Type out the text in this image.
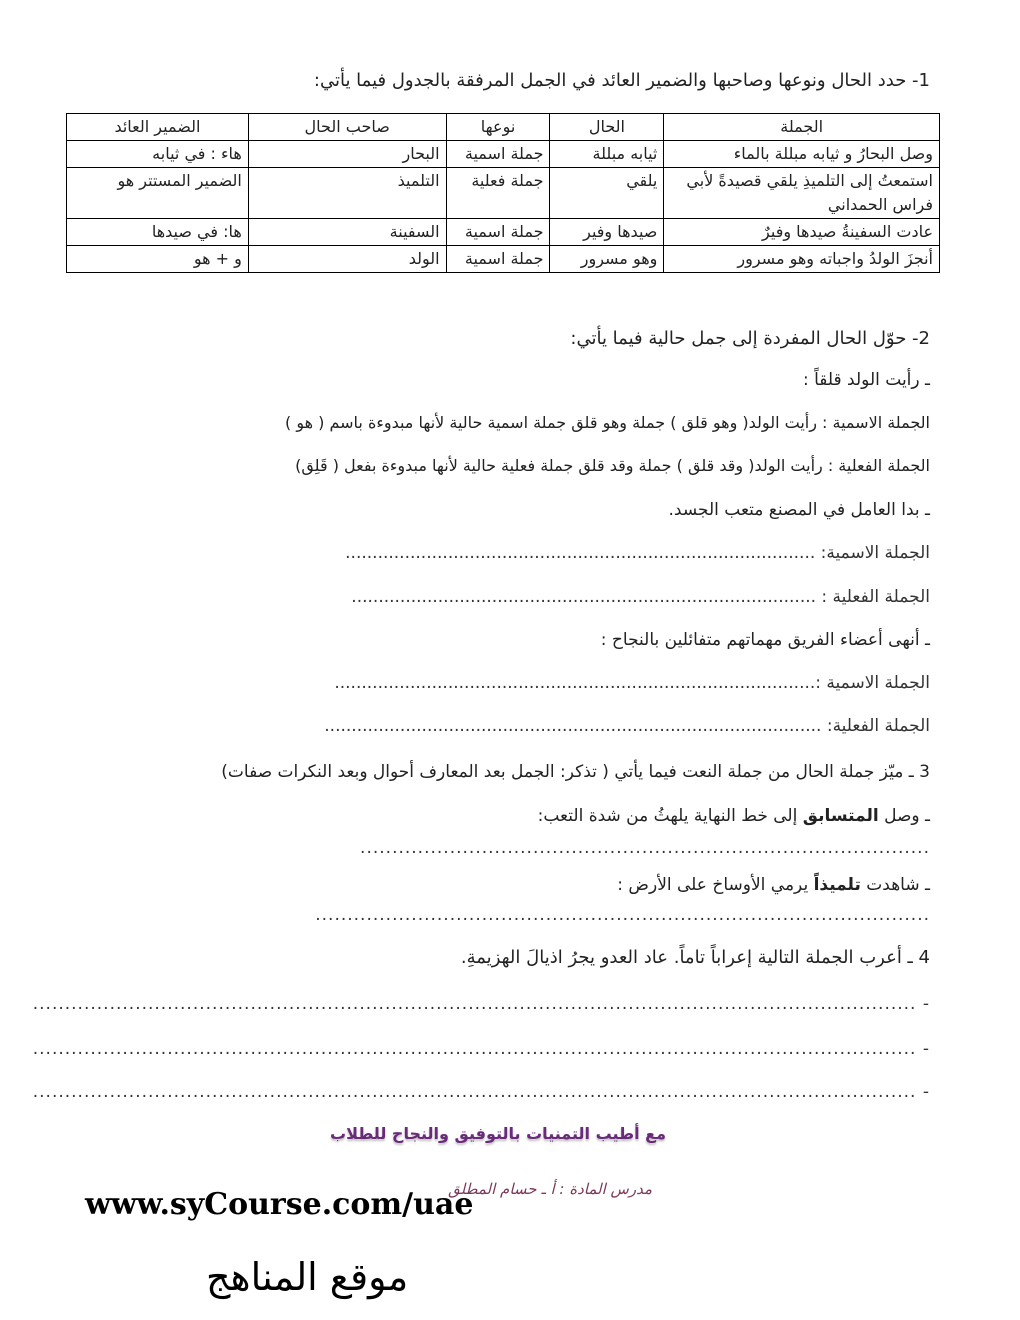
1- حدد الحال ونوعها وصاحبها والضمير العائد في الجمل المرفقة بالجدول فيما يأتي:
الجملة	الحال	نوعها	صاحب الحال	الضمير العائد
وصل البحارُ و ثيابه مبللة بالماء	ثيابه مبللة	جملة اسمية	البحار	هاء : في ثيابه
استمعتُ إلى التلميذِ يلقي قصيدةً لأبي فراس الحمداني	يلقي	جملة فعلية	التلميذ	الضمير المستتر هو
عادت السفينةُ صيدها وفيرٌ	صيدها وفير	جملة اسمية	السفينة	ها: في صيدها
أنجزَ الولدُ واجباته وهو مسرور	وهو مسرور	جملة اسمية	الولد	و + هو
2- حوّل الحال المفردة إلى جمل حالية فيما يأتي:
ـ رأيت الولد قلقاً :
الجملة الاسمية : رأيت الولد( وهو قلق ) جملة وهو قلق جملة اسمية حالية لأنها مبدوءة باسم ( هو )
الجملة الفعلية : رأيت الولد( وقد قلق ) جملة وقد قلق جملة فعلية حالية لأنها مبدوءة بفعل ( قَلِق)
ـ بدا العامل في المصنع متعب الجسد.
الجملة الاسمية: .......................................................................................
الجملة الفعلية : ......................................................................................
ـ أنهى أعضاء الفريق مهماتهم متفائلين بالنجاح :
الجملة الاسمية :.........................................................................................
الجملة الفعلية: ............................................................................................
3 ـ ميّز جملة الحال من جملة النعت فيما يأتي ( تذكر: الجمل بعد المعارف أحوال وبعد النكرات صفات)
ـ وصل المتسابق إلى خط النهاية يلهثُ من شدة التعب:
.........................................................................................
ـ شاهدت تلميذاً يرمي الأوساخ على الأرض :
................................................................................................
4 ـ أعرب الجملة التالية إعراباً تاماً. عاد العدو يجرُ اذيالَ الهزيمةِ.
- ..........................................................................................................................................
- ..........................................................................................................................................
- ..........................................................................................................................................
مع أطيب التمنيات بالتوفيق والنجاح للطلاب
مدرس المادة : أ ـ حسام المطلق
www.syCourse.com/uae
موقع المناهج
